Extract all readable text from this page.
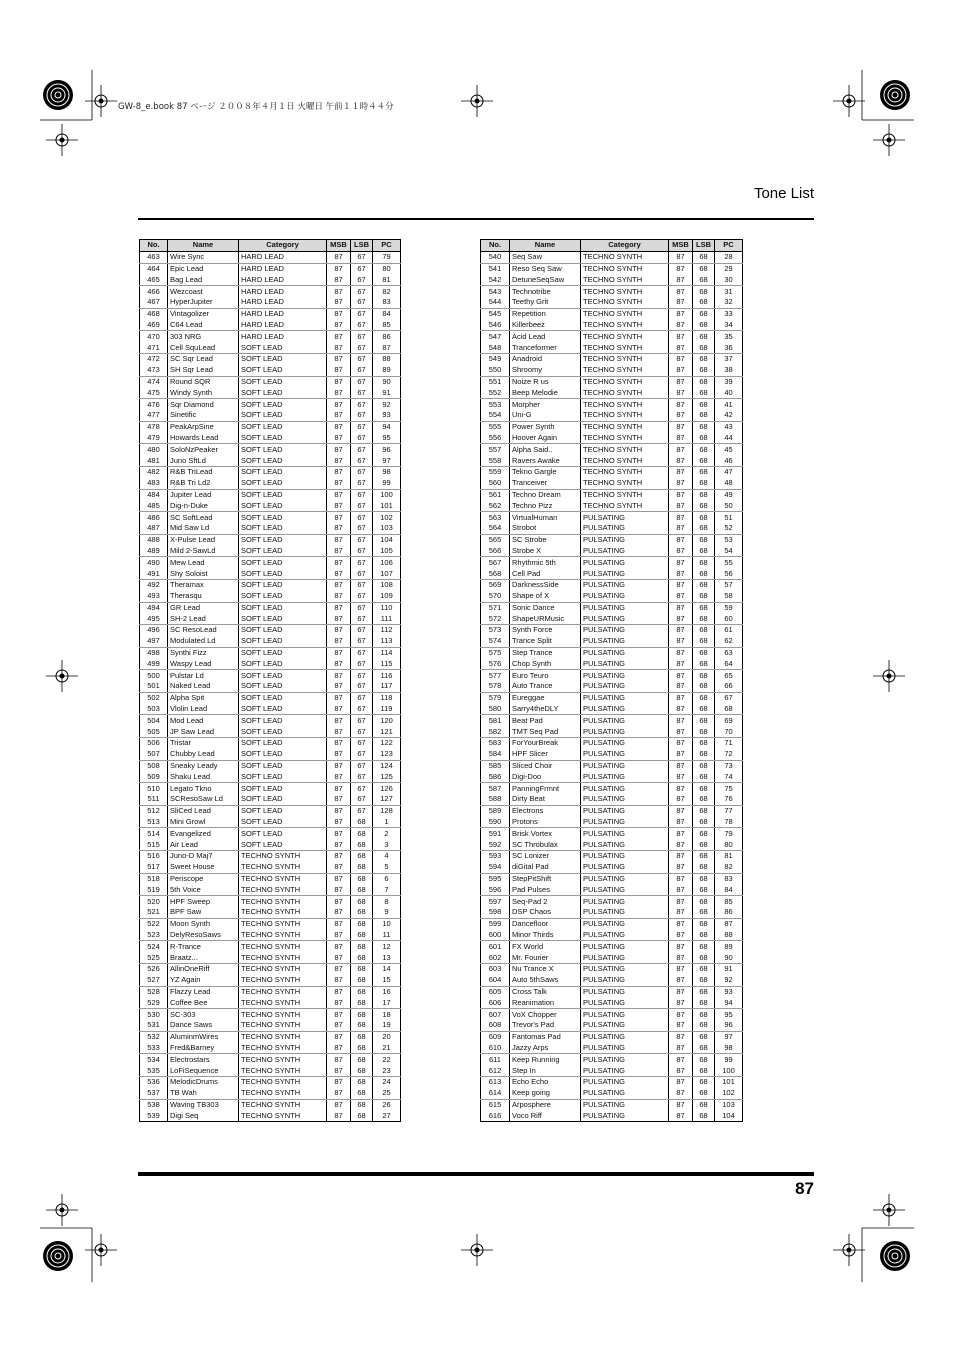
GW-8_e.book 87 ページ ２００８年４月１日 火曜日 午前１１時４４分
Tone List
No.	Name	Category	MSB	LSB	PC
463	Wire Sync	HARD LEAD	87	67	79
464	Epic Lead	HARD LEAD	87	67	80
465	Bag Lead	HARD LEAD	87	67	81
466	Wezcoast	HARD LEAD	87	67	82
467	HyperJupiter	HARD LEAD	87	67	83
468	Vintagolizer	HARD LEAD	87	67	84
469	C64 Lead	HARD LEAD	87	67	85
470	303 NRG	HARD LEAD	87	67	86
471	Cell SquLead	SOFT LEAD	87	67	87
472	SC Sqr Lead	SOFT LEAD	87	67	88
473	SH Sqr Lead	SOFT LEAD	87	67	89
474	Round SQR	SOFT LEAD	87	67	90
475	Windy Synth	SOFT LEAD	87	67	91
476	Sqr Diamond	SOFT LEAD	87	67	92
477	Sinetific	SOFT LEAD	87	67	93
478	PeakArpSine	SOFT LEAD	87	67	94
479	Howards Lead	SOFT LEAD	87	67	95
480	SoloNzPeaker	SOFT LEAD	87	67	96
481	Juno SftLd	SOFT LEAD	87	67	97
482	R&B TriLead	SOFT LEAD	87	67	98
483	R&B Tri Ld2	SOFT LEAD	87	67	99
484	Jupiter Lead	SOFT LEAD	87	67	100
485	Dig-n-Duke	SOFT LEAD	87	67	101
486	SC SoftLead	SOFT LEAD	87	67	102
487	Mid Saw Ld	SOFT LEAD	87	67	103
488	X-Pulse Lead	SOFT LEAD	87	67	104
489	Mild 2-SawLd	SOFT LEAD	87	67	105
490	Mew Lead	SOFT LEAD	87	67	106
491	Shy Soloist	SOFT LEAD	87	67	107
492	Theramax	SOFT LEAD	87	67	108
493	Therasqu	SOFT LEAD	87	67	109
494	GR Lead	SOFT LEAD	87	67	110
495	SH-2 Lead	SOFT LEAD	87	67	111
496	SC ResoLead	SOFT LEAD	87	67	112
497	Modulated Ld	SOFT LEAD	87	67	113
498	Synthi Fizz	SOFT LEAD	87	67	114
499	Waspy Lead	SOFT LEAD	87	67	115
500	Pulstar Ld	SOFT LEAD	87	67	116
501	Naked Lead	SOFT LEAD	87	67	117
502	Alpha Spit	SOFT LEAD	87	67	118
503	Vlolin Lead	SOFT LEAD	87	67	119
504	Mod Lead	SOFT LEAD	87	67	120
505	JP Saw Lead	SOFT LEAD	87	67	121
506	Tristar	SOFT LEAD	87	67	122
507	Chubby Lead	SOFT LEAD	87	67	123
508	Sneaky Leady	SOFT LEAD	87	67	124
509	Shaku Lead	SOFT LEAD	87	67	125
510	Legato Tkno	SOFT LEAD	87	67	126
511	SCResoSaw Ld	SOFT LEAD	87	67	127
512	SliCed Lead	SOFT LEAD	87	67	128
513	Mini Growl	SOFT LEAD	87	68	1
514	Evangelized	SOFT LEAD	87	68	2
515	Air Lead	SOFT LEAD	87	68	3
516	Juno-D Maj7	TECHNO SYNTH	87	68	4
517	Sweet House	TECHNO SYNTH	87	68	5
518	Periscope	TECHNO SYNTH	87	68	6
519	5th Voice	TECHNO SYNTH	87	68	7
520	HPF Sweep	TECHNO SYNTH	87	68	8
521	BPF Saw	TECHNO SYNTH	87	68	9
522	Moon Synth	TECHNO SYNTH	87	68	10
523	DelyResoSaws	TECHNO SYNTH	87	68	11
524	R-Trance	TECHNO SYNTH	87	68	12
525	Braatz...	TECHNO SYNTH	87	68	13
526	AllinOneRiff	TECHNO SYNTH	87	68	14
527	YZ Again	TECHNO SYNTH	87	68	15
528	Flazzy Lead	TECHNO SYNTH	87	68	16
529	Coffee Bee	TECHNO SYNTH	87	68	17
530	SC-303	TECHNO SYNTH	87	68	18
531	Dance Saws	TECHNO SYNTH	87	68	19
532	AluminmWires	TECHNO SYNTH	87	68	20
533	Fred&Barney	TECHNO SYNTH	87	68	21
534	Electrostars	TECHNO SYNTH	87	68	22
535	LoFiSequence	TECHNO SYNTH	87	68	23
536	MelodicDrums	TECHNO SYNTH	87	68	24
537	TB Wah	TECHNO SYNTH	87	68	25
538	Waving TB303	TECHNO SYNTH	87	68	26
539	Digi Seq	TECHNO SYNTH	87	68	27
No.	Name	Category	MSB	LSB	PC
540	Seq Saw	TECHNO SYNTH	87	68	28
541	Reso Seq Saw	TECHNO SYNTH	87	68	29
542	DetuneSeqSaw	TECHNO SYNTH	87	68	30
543	Technotribe	TECHNO SYNTH	87	68	31
544	Teethy Grit	TECHNO SYNTH	87	68	32
545	Repetition	TECHNO SYNTH	87	68	33
546	Killerbeez	TECHNO SYNTH	87	68	34
547	Acid Lead	TECHNO SYNTH	87	68	35
548	Tranceformer	TECHNO SYNTH	87	68	36
549	Anadroid	TECHNO SYNTH	87	68	37
550	Shroomy	TECHNO SYNTH	87	68	38
551	Noize R us	TECHNO SYNTH	87	68	39
552	Beep Melodie	TECHNO SYNTH	87	68	40
553	Morpher	TECHNO SYNTH	87	68	41
554	Uni-G	TECHNO SYNTH	87	68	42
555	Power Synth	TECHNO SYNTH	87	68	43
556	Hoover Again	TECHNO SYNTH	87	68	44
557	Alpha Said..	TECHNO SYNTH	87	68	45
558	Ravers Awake	TECHNO SYNTH	87	68	46
559	Tekno Gargle	TECHNO SYNTH	87	68	47
560	Tranceiver	TECHNO SYNTH	87	68	48
561	Techno Dream	TECHNO SYNTH	87	68	49
562	Techno Pizz	TECHNO SYNTH	87	68	50
563	VirtualHuman	PULSATING	87	68	51
564	Strobot	PULSATING	87	68	52
565	SC Strobe	PULSATING	87	68	53
566	Strobe X	PULSATING	87	68	54
567	Rhythmic 5th	PULSATING	87	68	55
568	Cell Pad	PULSATING	87	68	56
569	DarknessSide	PULSATING	87	68	57
570	Shape of X	PULSATING	87	68	58
571	Sonic Dance	PULSATING	87	68	59
572	ShapeURMusic	PULSATING	87	68	60
573	Synth Force	PULSATING	87	68	61
574	Trance Split	PULSATING	87	68	62
575	Step Trance	PULSATING	87	68	63
576	Chop Synth	PULSATING	87	68	64
577	Euro Teuro	PULSATING	87	68	65
578	Auto Trance	PULSATING	87	68	66
579	Eureggae	PULSATING	87	68	67
580	Sarry4theDLY	PULSATING	87	68	68
581	Beat Pad	PULSATING	87	68	69
582	TMT Seq Pad	PULSATING	87	68	70
583	ForYourBreak	PULSATING	87	68	71
584	HPF Slicer	PULSATING	87	68	72
585	Sliced Choir	PULSATING	87	68	73
586	Digi-Doo	PULSATING	87	68	74
587	PanningFrmnt	PULSATING	87	68	75
588	Dirty Beat	PULSATING	87	68	76
589	Electrons	PULSATING	87	68	77
590	Protons	PULSATING	87	68	78
591	Brisk Vortex	PULSATING	87	68	79
592	SC Throbulax	PULSATING	87	68	80
593	SC Lonizer	PULSATING	87	68	81
594	diGital Pad	PULSATING	87	68	82
595	StepPitShift	PULSATING	87	68	83
596	Pad Pulses	PULSATING	87	68	84
597	Seq-Pad 2	PULSATING	87	68	85
598	DSP Chaos	PULSATING	87	68	86
599	Dancefloor	PULSATING	87	68	87
600	Minor Thirds	PULSATING	87	68	88
601	FX World	PULSATING	87	68	89
602	Mr. Fourier	PULSATING	87	68	90
603	Nu Trance X	PULSATING	87	68	91
604	Auto 5thSaws	PULSATING	87	68	92
605	Cross Talk	PULSATING	87	68	93
606	Reanimation	PULSATING	87	68	94
607	VoX Chopper	PULSATING	87	68	95
608	Trevor's Pad	PULSATING	87	68	96
609	Fantomas Pad	PULSATING	87	68	97
610	Jazzy Arps	PULSATING	87	68	98
611	Keep Running	PULSATING	87	68	99
612	Step In	PULSATING	87	68	100
613	Echo Echo	PULSATING	87	68	101
614	Keep going	PULSATING	87	68	102
615	Arposphere	PULSATING	87	68	103
616	Voco Riff	PULSATING	87	68	104
87
